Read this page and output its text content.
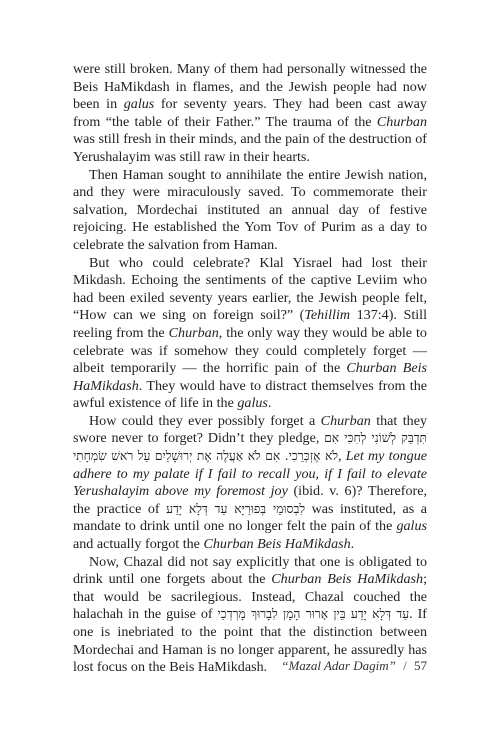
were still broken. Many of them had personally witnessed the Beis HaMikdash in flames, and the Jewish people had now been in galus for seventy years. They had been cast away from “the table of their Father.” The trauma of the Churban was still fresh in their minds, and the pain of the destruction of Yerushalayim was still raw in their hearts.

Then Haman sought to annihilate the entire Jewish nation, and they were miraculously saved. To commemorate their salvation, Mordechai instituted an annual day of festive rejoicing. He established the Yom Tov of Purim as a day to celebrate the salvation from Haman.

But who could celebrate? Klal Yisrael had lost their Mikdash. Echoing the sentiments of the captive Leviim who had been exiled seventy years earlier, the Jewish people felt, “How can we sing on foreign soil?” (Tehillim 137:4). Still reeling from the Churban, the only way they would be able to celebrate was if somehow they could completely forget — albeit temporarily — the horrific pain of the Churban Beis HaMikdash. They would have to distract themselves from the awful existence of life in the galus.

How could they ever possibly forget a Churban that they swore never to forget? Didn’t they pledge, תִּדְבַּק לְשׁוֹנִי לְחִכִּי אִם לֹא אֶזְכְּרֵכִי. אִם לֹא אַעֲלֶה אֶת יְרוּשָׁלַיִם עַל רֹאשׁ שִׂמְחָתִי, Let my tongue adhere to my palate if I fail to recall you, if I fail to elevate Yerushalayim above my foremost joy (ibid. v. 6)? Therefore, the practice of לִבְסוּמֵי בְּפוּרַיָּא עַד דְּלָא יָדַע was instituted, as a mandate to drink until one no longer felt the pain of the galus and actually forgot the Churban Beis HaMikdash.

Now, Chazal did not say explicitly that one is obligated to drink until one forgets about the Churban Beis HaMikdash; that would be sacrilegious. Instead, Chazal couched the halachah in the guise of עַד דְּלָא יָדַע בֵּין אָרוּר הָמָן לִבָרוּךְ מָרְדְכַי. If one is inebriated to the point that the distinction between Mordechai and Haman is no longer apparent, he assuredly has lost focus on the Beis HaMikdash.	“Mazal Adar Dagim” / 57
